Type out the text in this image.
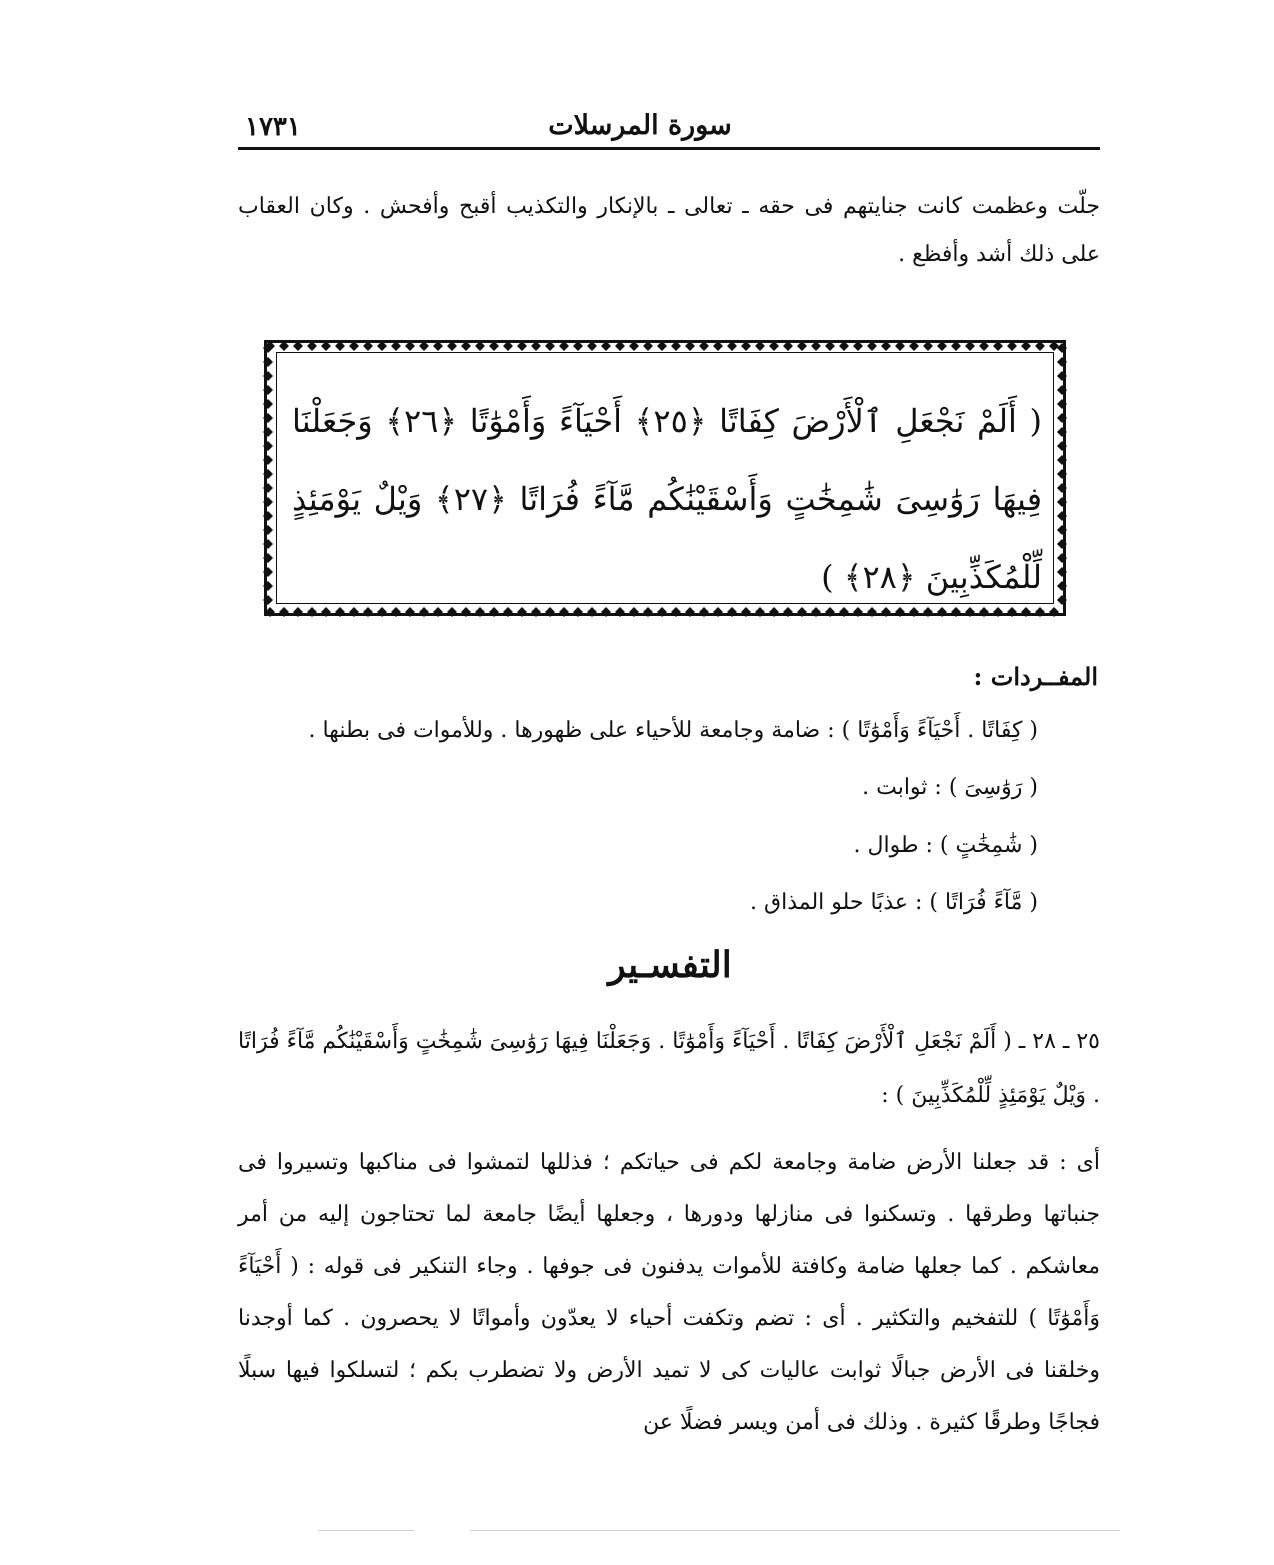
سورة المرسلات
١٧٣١
جلّت وعظمت كانت جنايتهم فى حقه ـ تعالى ـ بالإنكار والتكذيب أقبح وأفحش . وكان العقاب على ذلك أشد وأفظع .
( أَلَمْ نَجْعَلِ ٱلْأَرْضَ كِفَاتًا ﴿٢٥﴾ أَحْيَآءً وَأَمْوَٰتًا ﴿٢٦﴾ وَجَعَلْنَا فِيهَا رَوَٰسِىَ شَٰمِخَٰتٍ وَأَسْقَيْنَٰكُم مَّآءً فُرَاتًا ﴿٢٧﴾ وَيْلٌ يَوْمَئِذٍ لِّلْمُكَذِّبِينَ ﴿٢٨﴾ )
المفــردات :
( كِفَاتًا . أَحْيَآءً وَأَمْوَٰتًا ) : ضامة وجامعة للأحياء على ظهورها . وللأموات فى بطنها .
( رَوَٰسِىَ ) : ثوابت .
( شَٰمِخَٰتٍ ) : طوال .
( مَّآءً فُرَاتًا ) : عذبًا حلو المذاق .
التفسـير
٢٥ ـ ٢٨ ـ ( أَلَمْ نَجْعَلِ ٱلْأَرْضَ كِفَاتًا . أَحْيَآءً وَأَمْوَٰتًا . وَجَعَلْنَا فِيهَا رَوَٰسِىَ شَٰمِخَٰتٍ وَأَسْقَيْنَٰكُم مَّآءً فُرَاتًا . وَيْلٌ يَوْمَئِذٍ لِّلْمُكَذِّبِينَ ) :
أى : قد جعلنا الأرض ضامة وجامعة لكم فى حياتكم ؛ فذللها لتمشوا فى مناكبها وتسيروا فى جنباتها وطرقها . وتسكنوا فى منازلها ودورها ، وجعلها أيضًا جامعة لما تحتاجون إليه من أمر معاشكم . كما جعلها ضامة وكافتة للأموات يدفنون فى جوفها . وجاء التنكير فى قوله : ( أَحْيَآءً وَأَمْوَٰتًا ) للتفخيم والتكثير . أى : تضم وتكفت أحياء لا يعدّون وأمواتًا لا يحصرون . كما أوجدنا وخلقنا فى الأرض جبالًا ثوابت عاليات كى لا تميد الأرض ولا تضطرب بكم ؛ لتسلكوا فيها سبلًا فجاجًا وطرقًا كثيرة . وذلك فى أمن ويسر فضلًا عن
